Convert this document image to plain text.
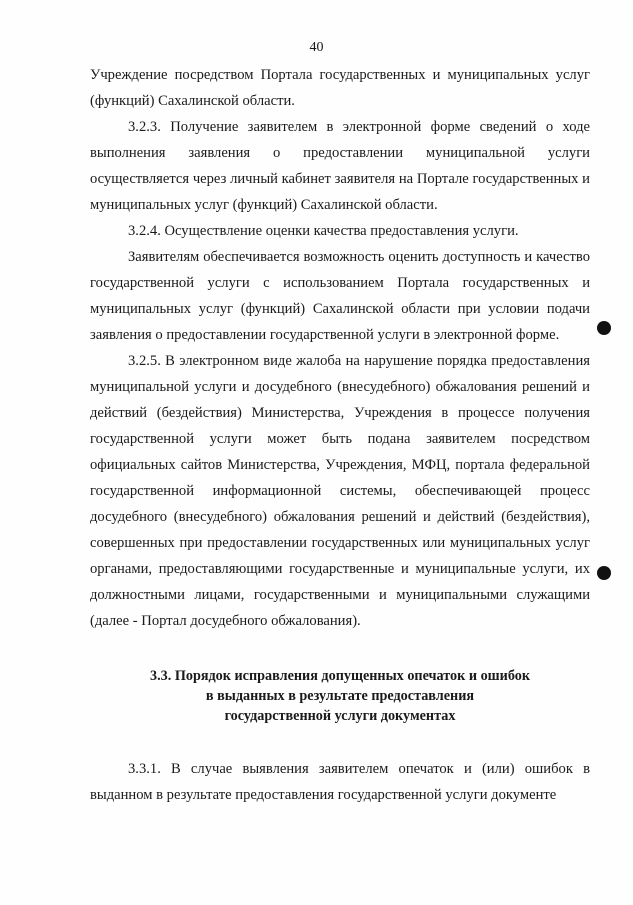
40

Учреждение посредством Портала государственных и муниципальных услуг (функций) Сахалинской области.

3.2.3. Получение заявителем в электронной форме сведений о ходе выполнения заявления о предоставлении муниципальной услуги осуществляется через личный кабинет заявителя на Портале государственных и муниципальных услуг (функций) Сахалинской области.

3.2.4. Осуществление оценки качества предоставления услуги.

Заявителям обеспечивается возможность оценить доступность и качество государственной услуги с использованием Портала государственных и муниципальных услуг (функций) Сахалинской области при условии подачи заявления о предоставлении государственной услуги в электронной форме.

3.2.5. В электронном виде жалоба на нарушение порядка предоставления муниципальной услуги и досудебного (внесудебного) обжалования решений и действий (бездействия) Министерства, Учреждения в процессе получения государственной услуги может быть подана заявителем посредством официальных сайтов Министерства, Учреждения, МФЦ, портала федеральной государственной информационной системы, обеспечивающей процесс досудебного (внесудебного) обжалования решений и действий (бездействия), совершенных при предоставлении государственных или муниципальных услуг органами, предоставляющими государственные и муниципальные услуги, их должностными лицами, государственными и муниципальными служащими (далее - Портал досудебного обжалования).

3.3. Порядок исправления допущенных опечаток и ошибок
в выданных в результате предоставления
государственной услуги документах

3.3.1. В случае выявления заявителем опечаток и (или) ошибок в выданном в результате предоставления государственной услуги документе
